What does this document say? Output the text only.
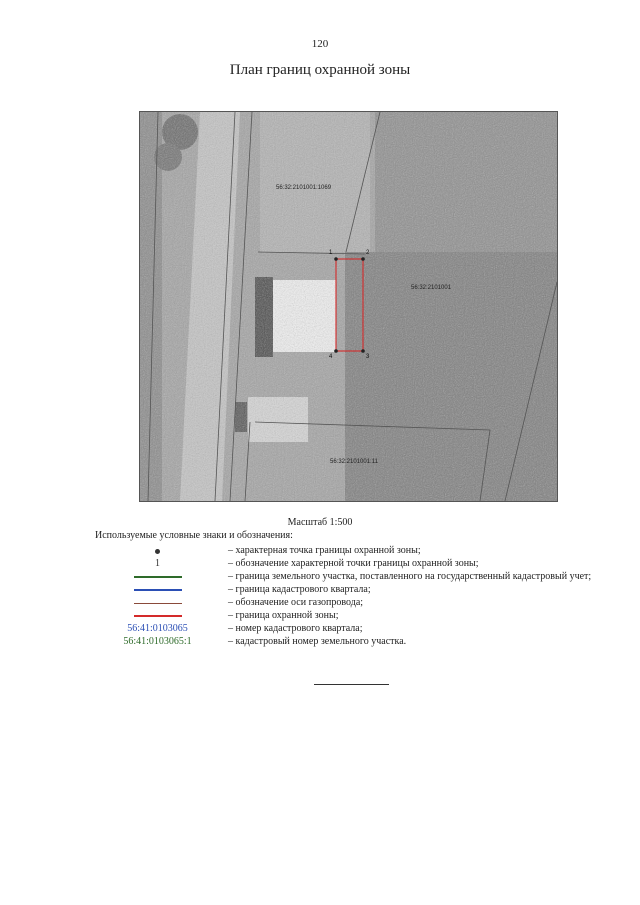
120
План границ охранной зоны
1	2
3
4
56:32:2101001:1069
56:32:2101001
56:32:2101001:11
Масштаб 1:500
Используемые условные знаки и обозначения:
– характерная точка границы охранной зоны;
1	– обозначение характерной точки границы охранной зоны;
– граница земельного участка, поставленного на государственный кадастровый учет;
– граница кадастрового квартала;
– обозначение оси газопровода;
– граница охранной зоны;
56:41:0103065	– номер кадастрового квартала;
56:41:0103065:1	– кадастровый номер земельного участка.
